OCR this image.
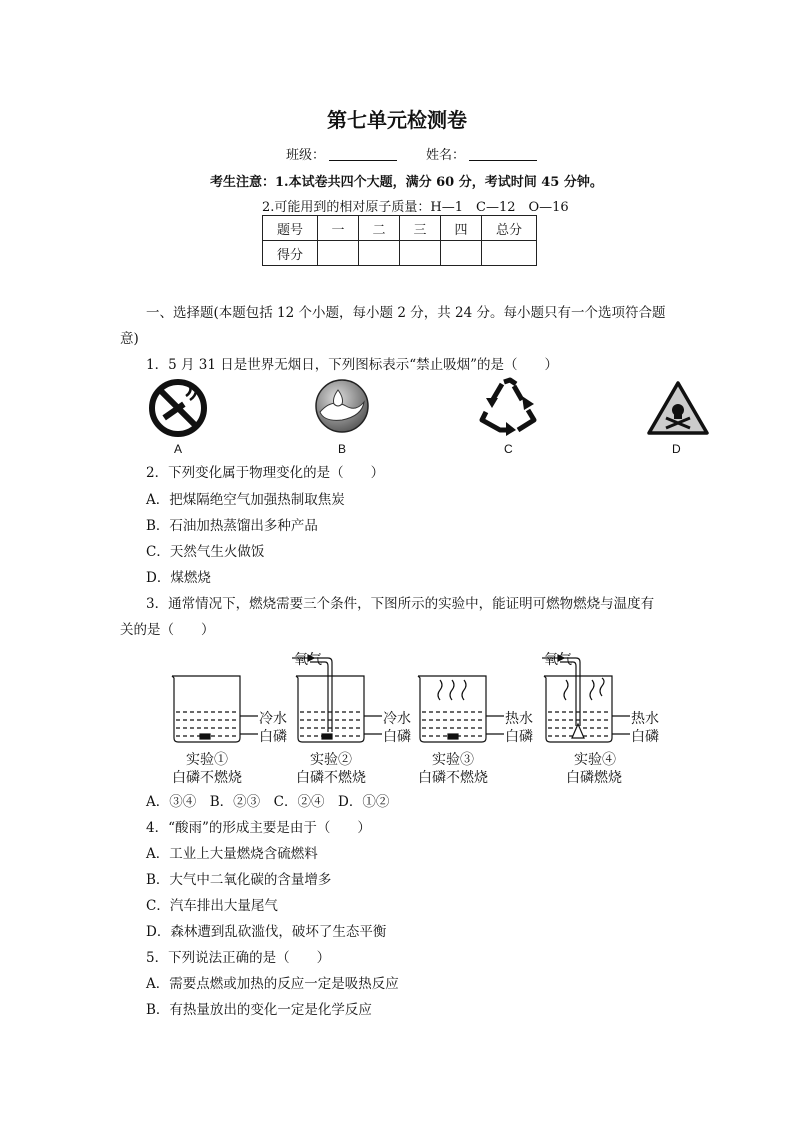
第七单元检测卷
班级：	姓名：
考生注意：1.本试卷共四个大题，满分 60 分，考试时间 45 分钟。
2.可能用到的相对原子质量：H—1　C—12　O—16
题号	一	二	三	四	总分
得分					
一、选择题(本题包括 12 个小题，每小题 2 分，共 24 分。每小题只有一个选项符合题
意)
1．5 月 31 日是世界无烟日，下列图标表示“禁止吸烟”的是（　　）
A	B	C	D
2．下列变化属于物理变化的是（　　）
A．把煤隔绝空气加强热制取焦炭
B．石油加热蒸馏出多种产品
C．天然气生火做饭
D．煤燃烧
3．通常情况下，燃烧需要三个条件，下图所示的实验中，能证明可燃物燃烧与温度有
关的是（　　）
氧气	氧气
冷水
白磷
冷水
白磷
热水
白磷
热水
白磷
实验①
白磷不燃烧
实验②
白磷不燃烧
实验③
白磷不燃烧
实验④
白磷燃烧
A．③④　B．②③　C．②④　D．①②
4．“酸雨”的形成主要是由于（　　）
A．工业上大量燃烧含硫燃料
B．大气中二氧化碳的含量增多
C．汽车排出大量尾气
D．森林遭到乱砍滥伐，破坏了生态平衡
5．下列说法正确的是（　　）
A．需要点燃或加热的反应一定是吸热反应
B．有热量放出的变化一定是化学反应
